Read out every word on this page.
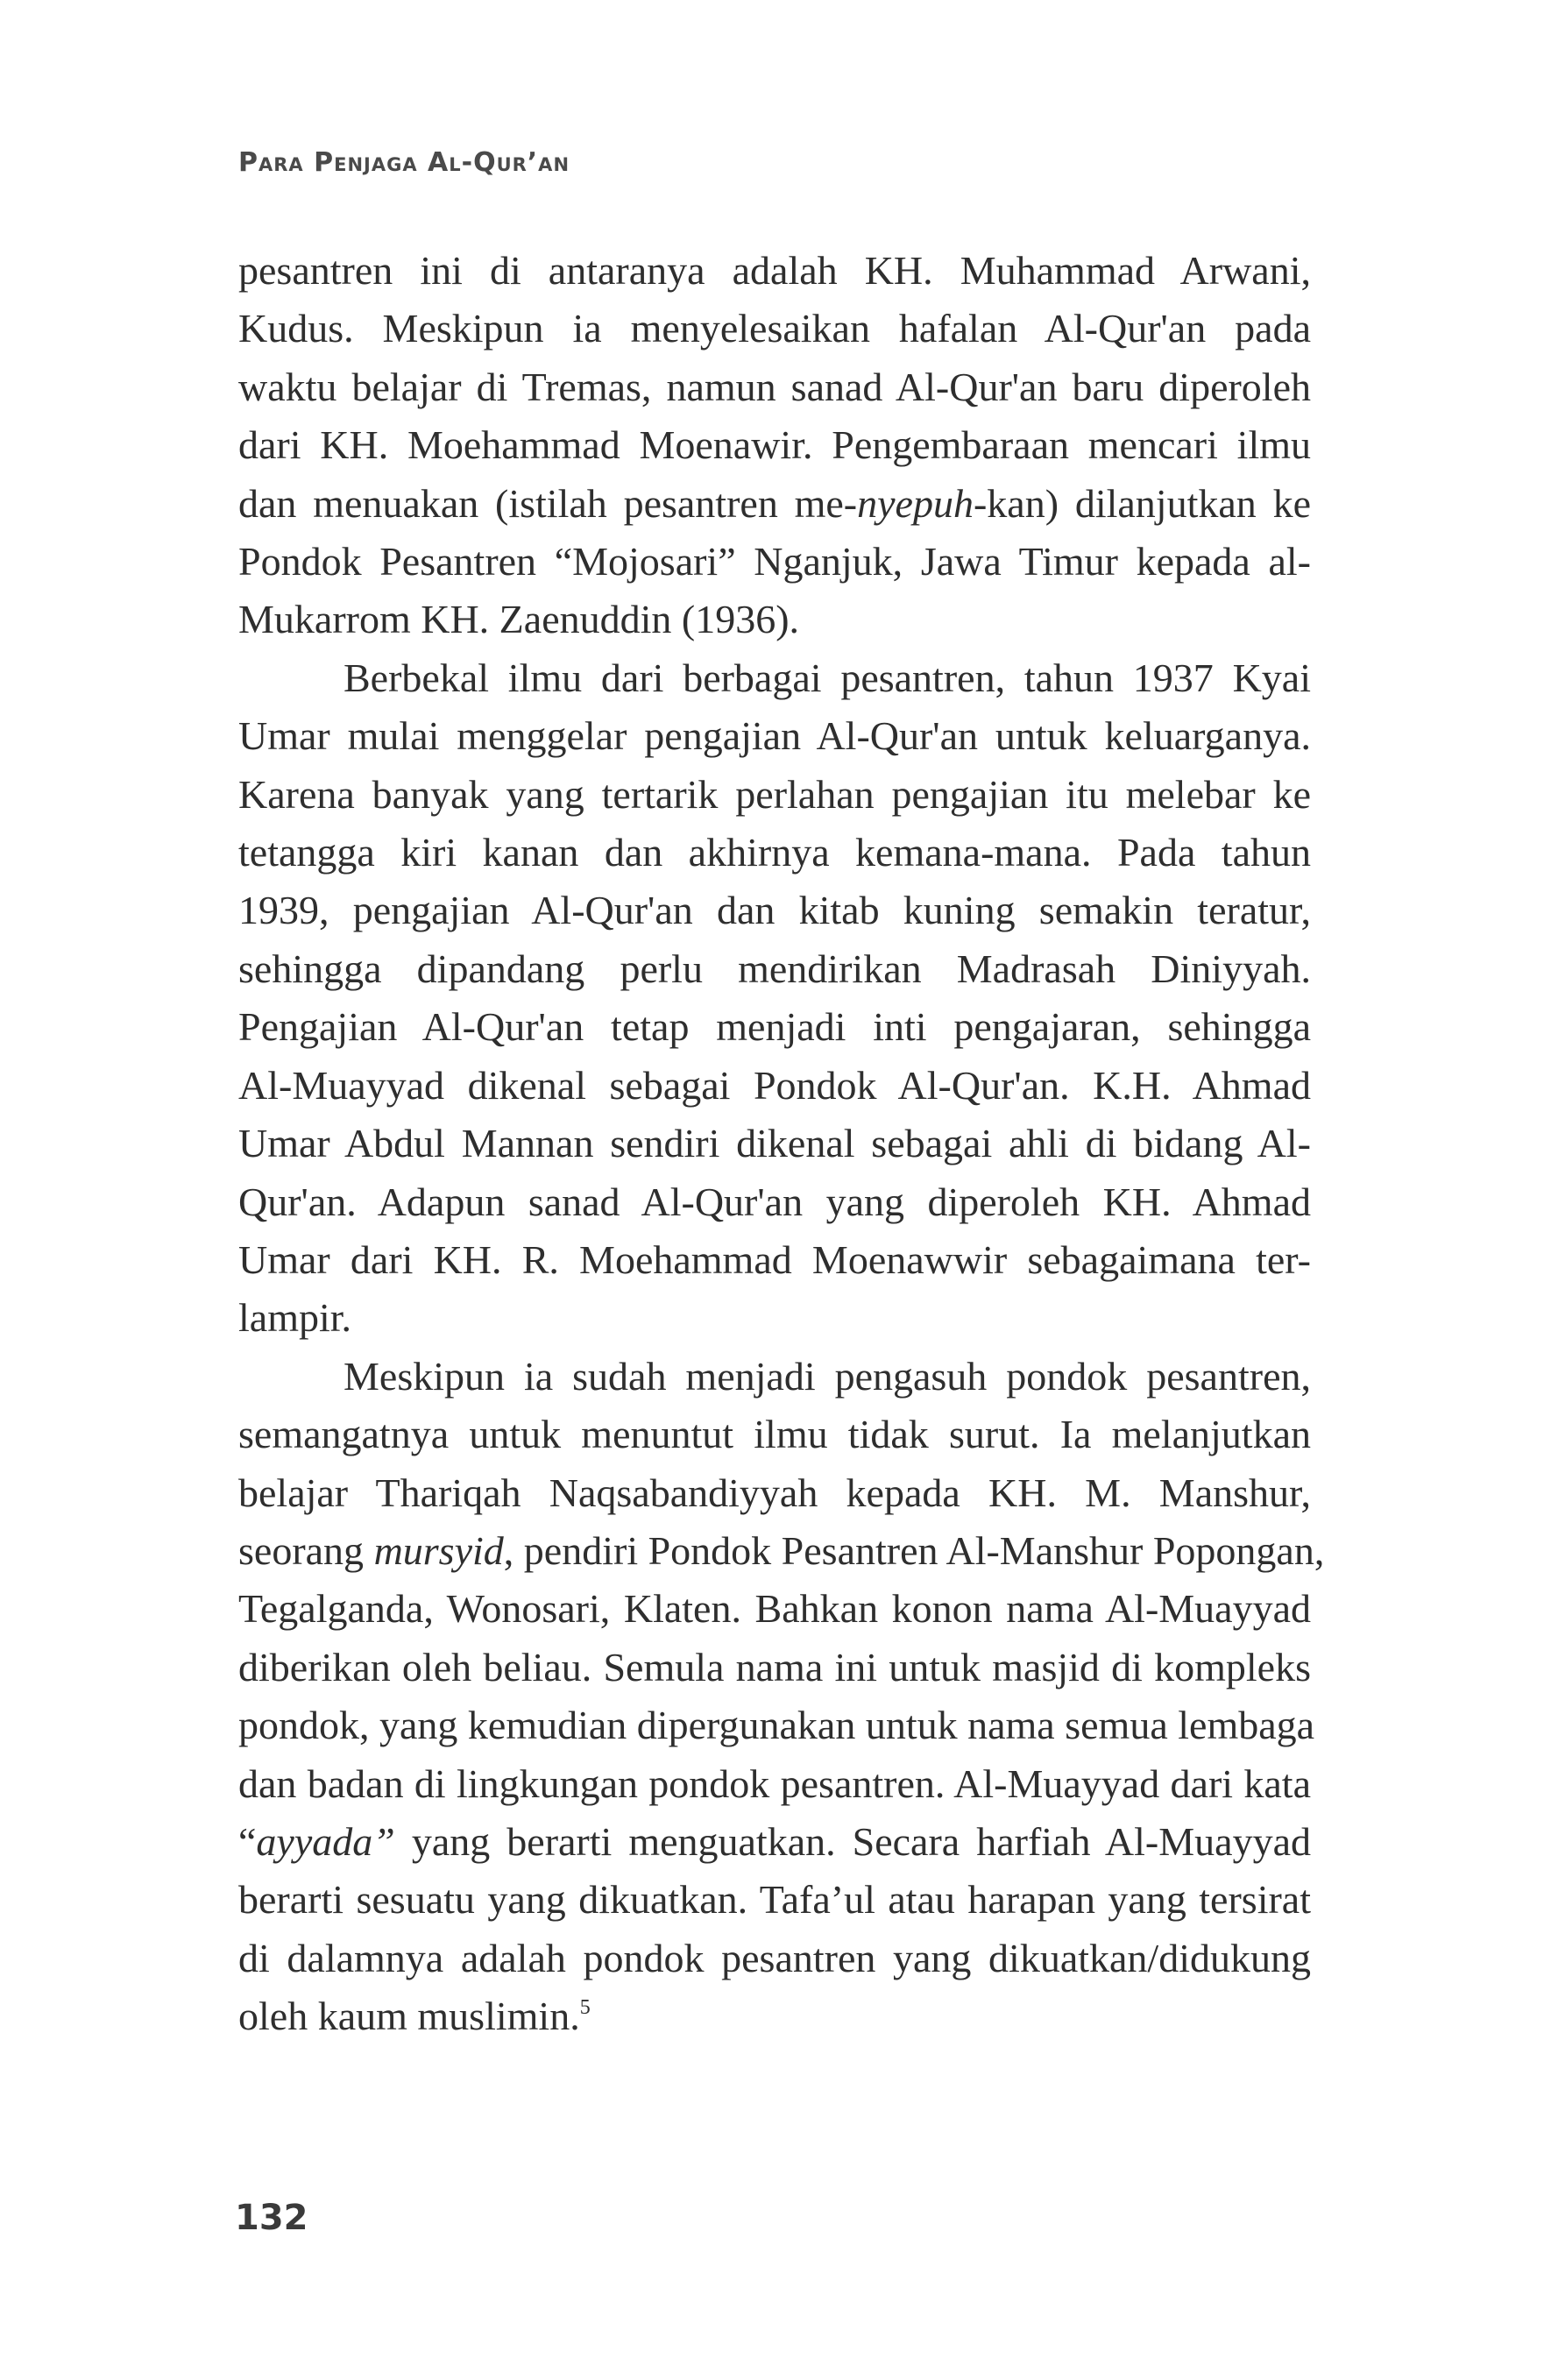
Para Penjaga Al-Qur’an

pesantren ini di antaranya adalah KH. Muhammad Arwani,
Kudus. Meskipun ia menyelesaikan hafalan Al-Qur'an pada
waktu belajar di Tremas, namun sanad Al-Qur'an baru diperoleh
dari KH. Moehammad Moenawir. Pengembaraan mencari ilmu
dan menuakan (istilah pesantren me-nyepuh-kan) dilanjutkan ke
Pondok Pesantren “Mojosari” Nganjuk, Jawa Timur kepada al-
Mukarrom KH. Zaenuddin (1936).

Berbekal ilmu dari berbagai pesantren, tahun 1937 Kyai
Umar mulai menggelar pengajian Al-Qur'an untuk keluarganya.
Karena banyak yang tertarik perlahan pengajian itu melebar ke
tetangga kiri kanan dan akhirnya kemana-mana. Pada tahun
1939, pengajian Al-Qur'an dan kitab kuning semakin teratur,
sehingga dipandang perlu mendirikan Madrasah Diniyyah.
Pengajian Al-Qur'an tetap menjadi inti pengajaran, sehingga
Al-Muayyad dikenal sebagai Pondok Al-Qur'an. K.H. Ahmad
Umar Abdul Mannan sendiri dikenal sebagai ahli di bidang Al-
Qur'an. Adapun sanad Al-Qur'an yang diperoleh KH. Ahmad
Umar dari KH. R. Moehammad Moenawwir sebagaimana ter-
lampir.

Meskipun ia sudah menjadi pengasuh pondok pesantren,
semangatnya untuk menuntut ilmu tidak surut. Ia melanjutkan
belajar Thariqah Naqsabandiyyah kepada KH. M. Manshur,
seorang mursyid, pendiri Pondok Pesantren Al-Manshur Popongan,
Tegalganda, Wonosari, Klaten. Bahkan konon nama Al-Muayyad
diberikan oleh beliau. Semula nama ini untuk masjid di kompleks
pondok, yang kemudian dipergunakan untuk nama semua lembaga
dan badan di lingkungan pondok pesantren. Al-Muayyad dari kata
“ayyada” yang berarti menguatkan. Secara harfiah Al-Muayyad
berarti sesuatu yang dikuatkan. Tafa’ul atau harapan yang tersirat
di dalamnya adalah pondok pesantren yang dikuatkan/didukung
oleh kaum muslimin.$^5$

132
